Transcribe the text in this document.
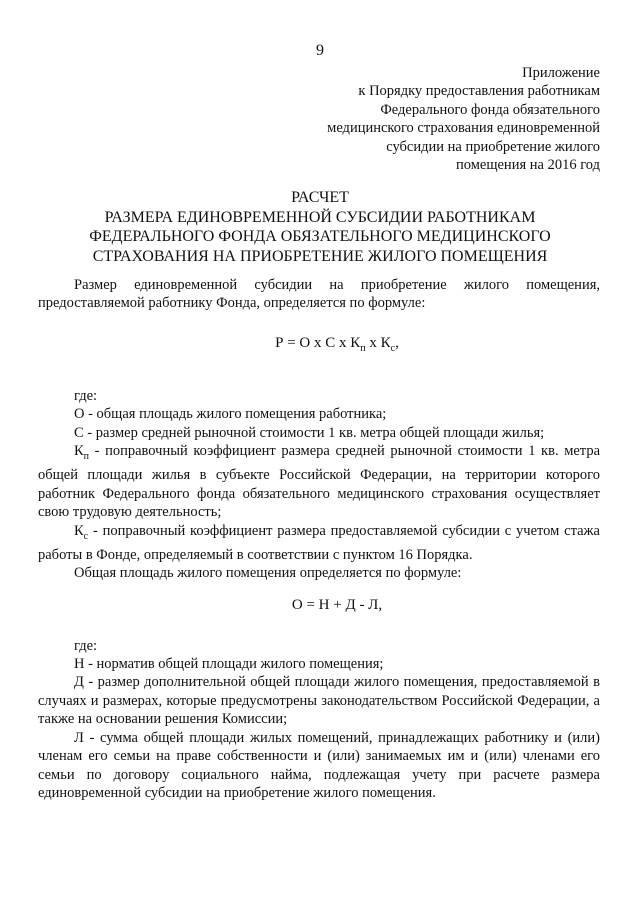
9
Приложение
к Порядку предоставления работникам
Федерального фонда обязательного
медицинского страхования единовременной
субсидии на приобретение жилого
помещения на 2016 год
РАСЧЕТ
РАЗМЕРА ЕДИНОВРЕМЕННОЙ СУБСИДИИ РАБОТНИКАМ
ФЕДЕРАЛЬНОГО ФОНДА ОБЯЗАТЕЛЬНОГО МЕДИЦИНСКОГО
СТРАХОВАНИЯ НА ПРИОБРЕТЕНИЕ ЖИЛОГО ПОМЕЩЕНИЯ

Размер единовременной субсидии на приобретение жилого помещения, предоставляемой работнику Фонда, определяется по формуле:

Р = О х С х $К_п$ х $К_с$,

где:

О - общая площадь жилого помещения работника;

С - размер средней рыночной стоимости 1 кв. метра общей площади жилья;

$К_п$ - поправочный коэффициент размера средней рыночной стоимости 1 кв. метра общей площади жилья в субъекте Российской Федерации, на территории которого работник Федерального фонда обязательного медицинского страхования осуществляет свою трудовую деятельность;

$К_с$ - поправочный коэффициент размера предоставляемой субсидии с учетом стажа работы в Фонде, определяемый в соответствии с пунктом 16 Порядка.

Общая площадь жилого помещения определяется по формуле:

О = Н + Д - Л,

где:

Н - норматив общей площади жилого помещения;

Д - размер дополнительной общей площади жилого помещения, предоставляемой в случаях и размерах, которые предусмотрены законодательством Российской Федерации, а также на основании решения Комиссии;

Л - сумма общей площади жилых помещений, принадлежащих работнику и (или) членам его семьи на праве собственности и (или) занимаемых им и (или) членами его семьи по договору социального найма, подлежащая учету при расчете размера единовременной субсидии на приобретение жилого помещения.
